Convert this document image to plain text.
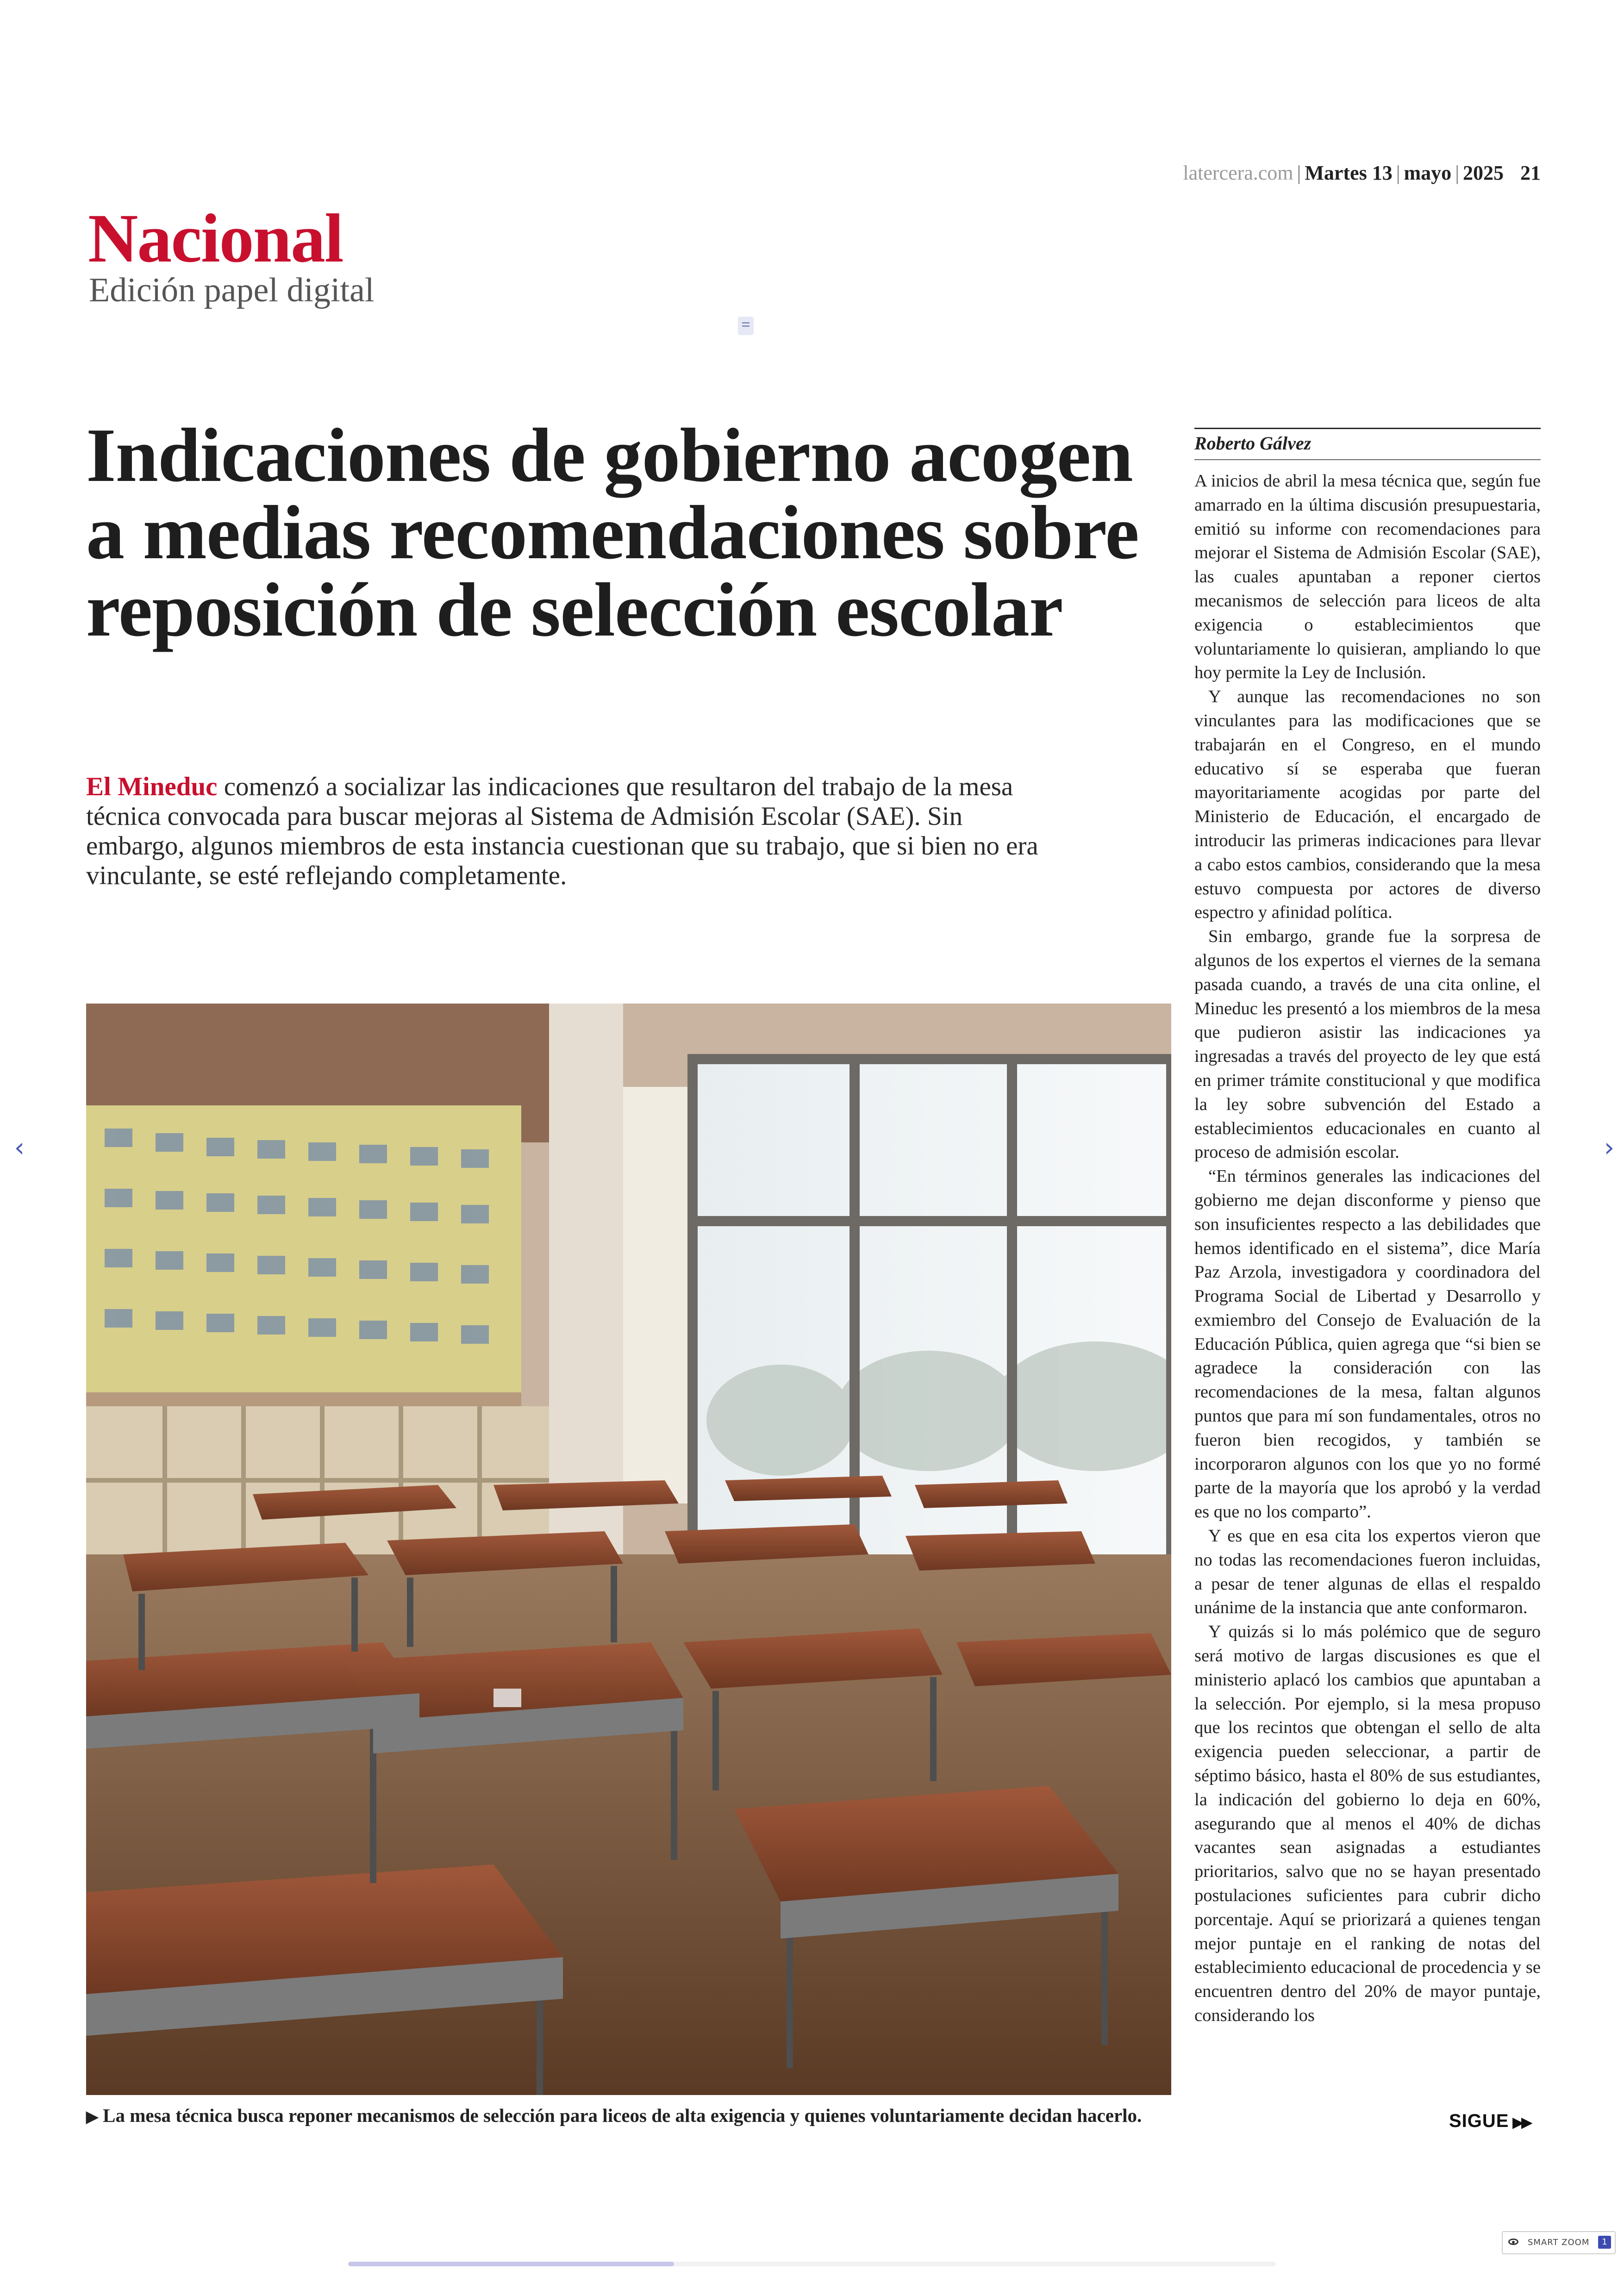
latercera.com | Martes 13 | mayo | 2025 21
Nacional
Edición papel digital
Indicaciones de gobierno acogen a medias recomendaciones sobre reposición de selección escolar

El Mineduc comenzó a socializar las indicaciones que resultaron del trabajo de la mesa técnica convocada para buscar mejoras al Sistema de Admisión Escolar (SAE). Sin embargo, algunos miembros de esta instancia cuestionan que su trabajo, que si bien no era vinculante, se esté reflejando completamente.

▶ La mesa técnica busca reponer mecanismos de selección para liceos de alta exigencia y quienes voluntariamente decidan hacerlo.

Roberto Gálvez

A inicios de abril la mesa técnica que, según fue amarrado en la última discusión presupuestaria, emitió su informe con recomendaciones para mejorar el Sistema de Admisión Escolar (SAE), las cuales apuntaban a reponer ciertos mecanismos de selección para liceos de alta exigencia o establecimientos que voluntariamente lo quisieran, ampliando lo que hoy permite la Ley de Inclusión.

Y aunque las recomendaciones no son vinculantes para las modificaciones que se trabajarán en el Congreso, en el mundo educativo sí se esperaba que fueran mayoritariamente acogidas por parte del Ministerio de Educación, el encargado de introducir las primeras indicaciones para llevar a cabo estos cambios, considerando que la mesa estuvo compuesta por actores de diverso espectro y afinidad política.

Sin embargo, grande fue la sorpresa de algunos de los expertos el viernes de la semana pasada cuando, a través de una cita online, el Mineduc les presentó a los miembros de la mesa que pudieron asistir las indicaciones ya ingresadas a través del proyecto de ley que está en primer trámite constitucional y que modifica la ley sobre subvención del Estado a establecimientos educacionales en cuanto al proceso de admisión escolar.

“En términos generales las indicaciones del gobierno me dejan disconforme y pienso que son insuficientes respecto a las debilidades que hemos identificado en el sistema”, dice María Paz Arzola, investigadora y coordinadora del Programa Social de Libertad y Desarrollo y exmiembro del Consejo de Evaluación de la Educación Pública, quien agrega que “si bien se agradece la consideración con las recomendaciones de la mesa, faltan algunos puntos que para mí son fundamentales, otros no fueron bien recogidos, y también se incorporaron algunos con los que yo no formé parte de la mayoría que los aprobó y la verdad es que no los comparto”.

Y es que en esa cita los expertos vieron que no todas las recomendaciones fueron incluidas, a pesar de tener algunas de ellas el respaldo unánime de la instancia que ante conformaron.

Y quizás si lo más polémico que de seguro será motivo de largas discusiones es que el ministerio aplacó los cambios que apuntaban a la selección. Por ejemplo, si la mesa propuso que los recintos que obtengan el sello de alta exigencia pueden seleccionar, a partir de séptimo básico, hasta el 80% de sus estudiantes, la indicación del gobierno lo deja en 60%, asegurando que al menos el 40% de dichas vacantes sean asignadas a estudiantes prioritarios, salvo que no se hayan presentado postulaciones suficientes para cubrir dicho porcentaje. Aquí se priorizará a quienes tengan mejor puntaje en el ranking de notas del establecimiento educacional de procedencia y se encuentren dentro del 20% de mayor puntaje, considerando los

SIGUE ▶▶
‹	›
SMART ZOOM	1
